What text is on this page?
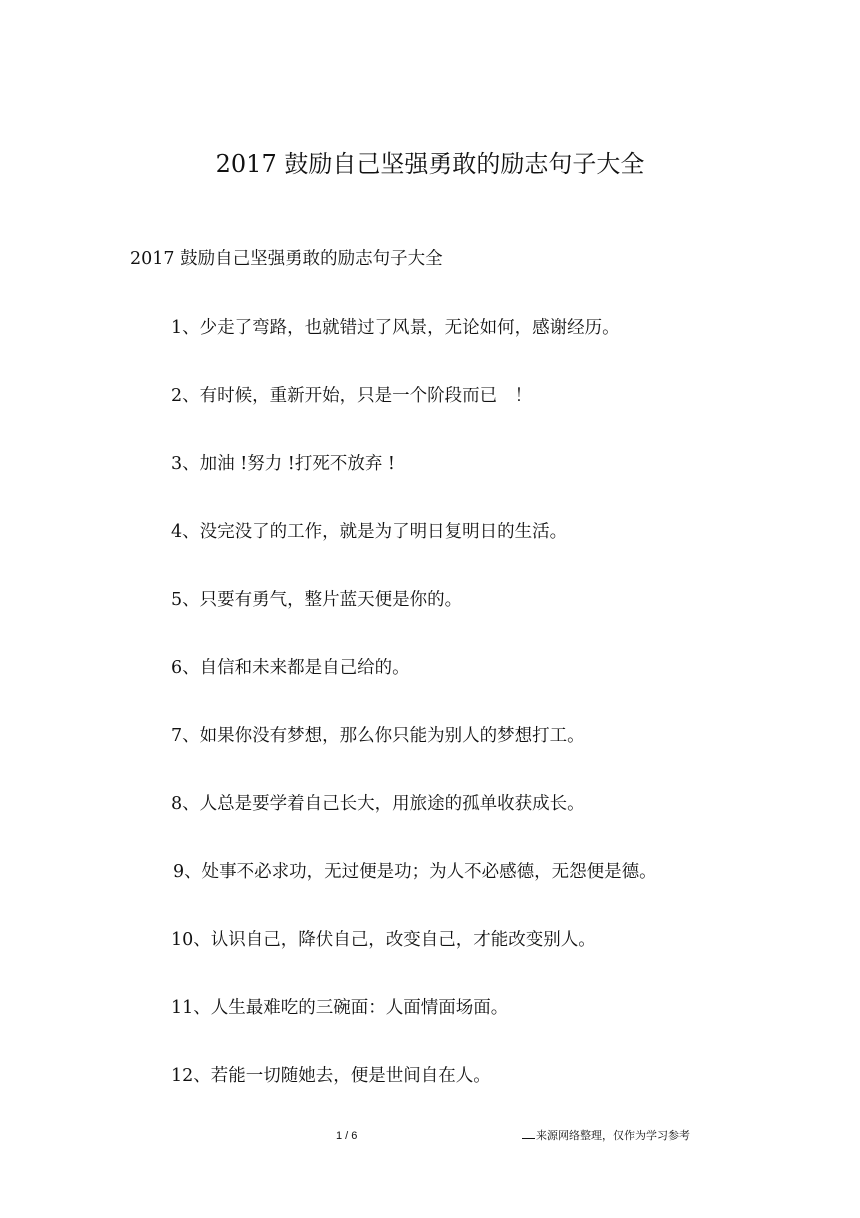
2017 鼓励自己坚强勇敢的励志句子大全
2017 鼓励自己坚强勇敢的励志句子大全
1、少走了弯路，也就错过了风景，无论如何，感谢经历。
2、有时候，重新开始，只是一个阶段而已　！
3、加油 !努力 !打死不放弃 !
4、没完没了的工作，就是为了明日复明日的生活。
5、只要有勇气，整片蓝天便是你的。
6、自信和未来都是自己给的。
7、如果你没有梦想，那么你只能为别人的梦想打工。
8、人总是要学着自己长大，用旅途的孤单收获成长。
9、处事不必求功，无过便是功；为人不必感德，无怨便是德。
10、认识自己，降伏自己，改变自己，才能改变别人。
11、人生最难吃的三碗面：人面情面场面。
12、若能一切随她去，便是世间自在人。
1 / 6	来源网络整理，仅作为学习参考
